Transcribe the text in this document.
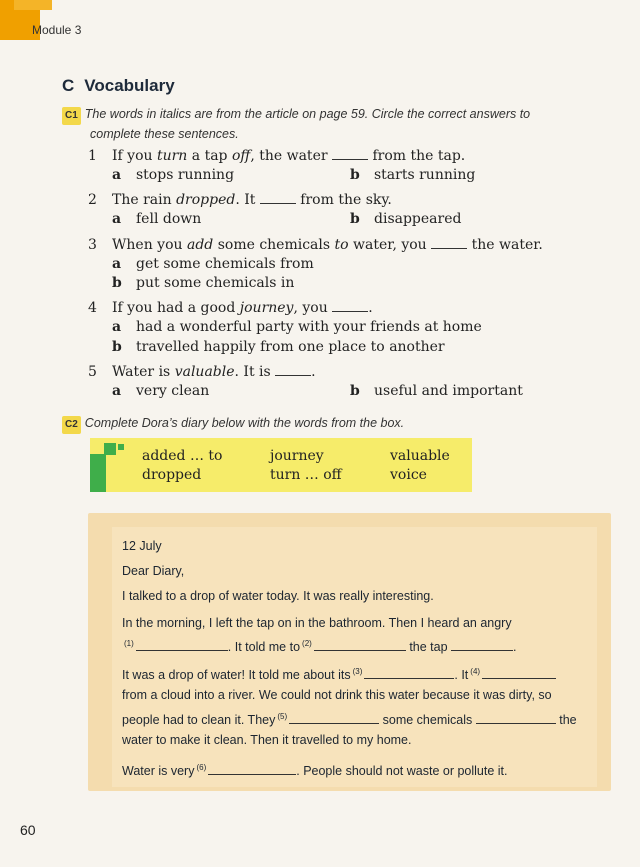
Module 3
C Vocabulary
C1 The words in italics are from the article on page 59. Circle the correct answers to
complete these sentences.
1 If you turn a tap off, the water	from the tap.
a stops running	b starts running
2 The rain dropped. It	from the sky.
a fell down	b disappeared
3 When you add some chemicals to water, you	the water.
a get some chemicals from
b put some chemicals in
4 If you had a good journey, you	.
a had a wonderful party with your friends at home
b travelled happily from one place to another
5 Water is valuable. It is	.
a very clean	b useful and important
C2 Complete Dora’s diary below with the words from the box.
added … to	journey	valuable
dropped	turn … off	voice
12 July
Dear Diary,
I talked to a drop of water today. It was really interesting.
In the morning, I left the tap on in the bathroom. Then I heard an angry
$^{(1)}$	. It told me to $^{(2)}$	the tap	.
It was a drop of water! It told me about its $^{(3)}$	. It $^{(4)}$
from a cloud into a river. We could not drink this water because it was dirty, so
people had to clean it. They $^{(5)}$	some chemicals	the
water to make it clean. Then it travelled to my home.
Water is very $^{(6)}$	. People should not waste or pollute it.
60
